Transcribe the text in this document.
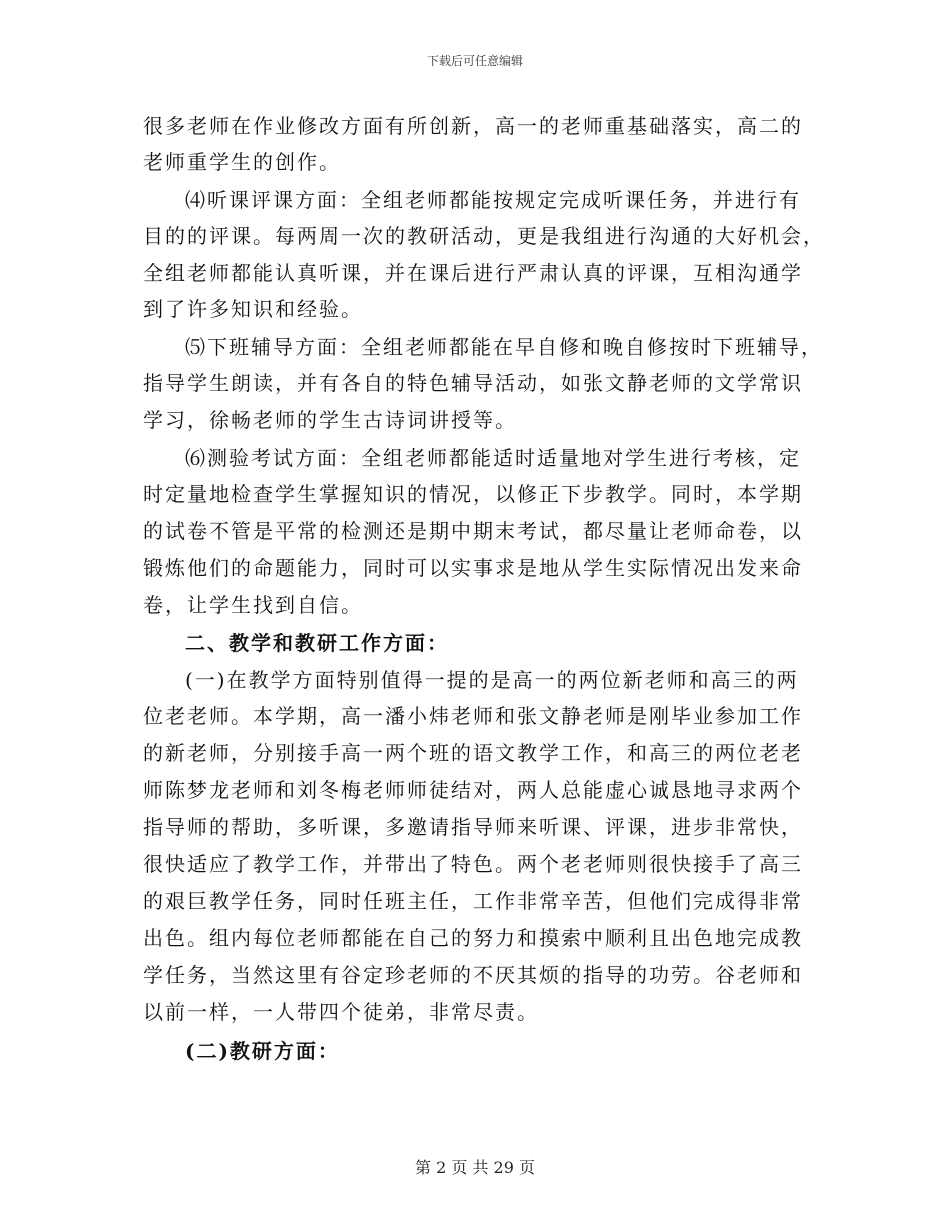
下载后可任意编辑
很多老师在作业修改方面有所创新，高一的老师重基础落实，高二的
老师重学生的创作。
⑷听课评课方面：全组老师都能按规定完成听课任务，并进行有
目的的评课。每两周一次的教研活动，更是我组进行沟通的大好机会，
全组老师都能认真听课，并在课后进行严肃认真的评课，互相沟通学
到了许多知识和经验。
⑸下班辅导方面：全组老师都能在早自修和晚自修按时下班辅导，
指导学生朗读，并有各自的特色辅导活动，如张文静老师的文学常识
学习，徐畅老师的学生古诗词讲授等。
⑹测验考试方面：全组老师都能适时适量地对学生进行考核，定
时定量地检查学生掌握知识的情况，以修正下步教学。同时，本学期
的试卷不管是平常的检测还是期中期末考试，都尽量让老师命卷，以
锻炼他们的命题能力，同时可以实事求是地从学生实际情况出发来命
卷，让学生找到自信。
二、教学和教研工作方面：
(一)在教学方面特别值得一提的是高一的两位新老师和高三的两
位老老师。本学期，高一潘小炜老师和张文静老师是刚毕业参加工作
的新老师，分别接手高一两个班的语文教学工作，和高三的两位老老
师陈梦龙老师和刘冬梅老师师徒结对，两人总能虚心诚恳地寻求两个
指导师的帮助，多听课，多邀请指导师来听课、评课，进步非常快，
很快适应了教学工作，并带出了特色。两个老老师则很快接手了高三
的艰巨教学任务，同时任班主任，工作非常辛苦，但他们完成得非常
出色。组内每位老师都能在自己的努力和摸索中顺利且出色地完成教
学任务，当然这里有谷定珍老师的不厌其烦的指导的功劳。谷老师和
以前一样，一人带四个徒弟，非常尽责。
(二)教研方面：
第 2 页 共 29 页
